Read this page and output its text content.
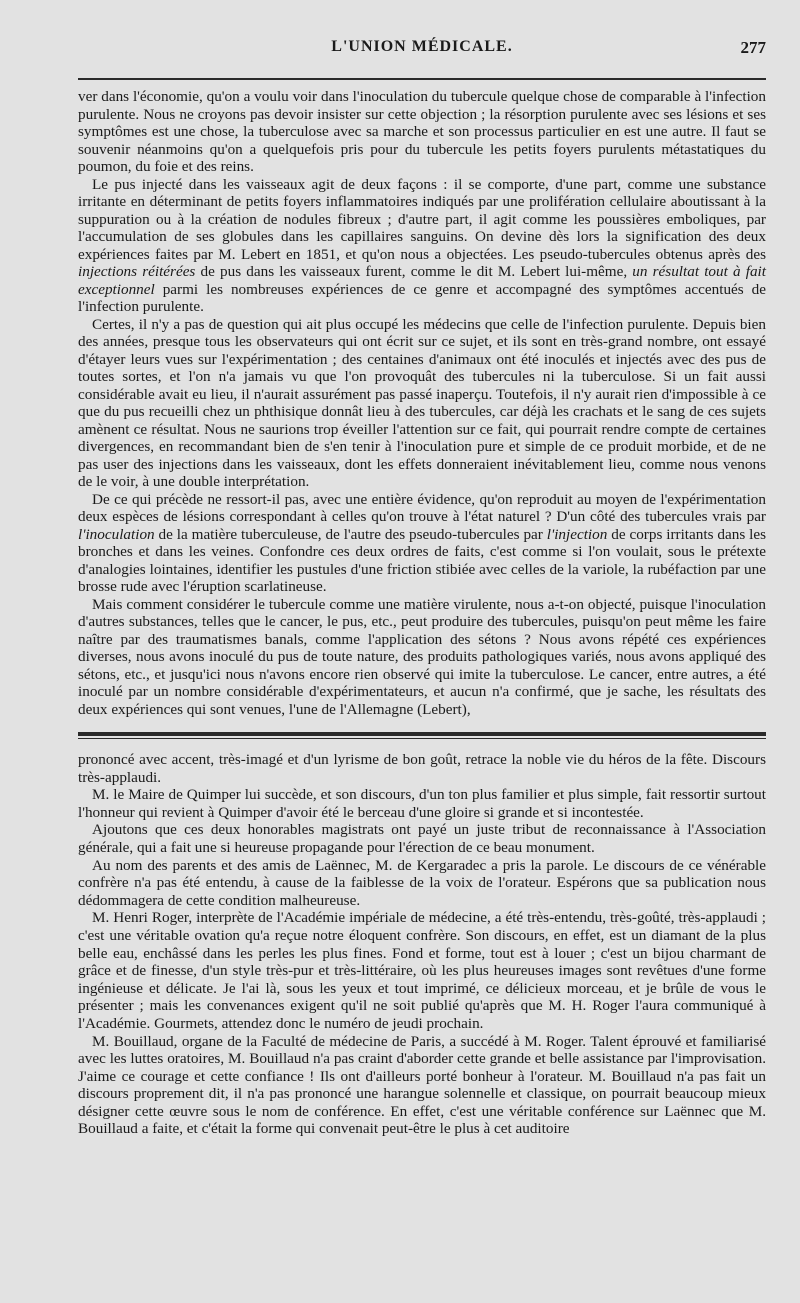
L'UNION MÉDICALE.	277

ver dans l'économie, qu'on a voulu voir dans l'inoculation du tubercule quelque chose de comparable à l'infection purulente. Nous ne croyons pas devoir insister sur cette objection ; la résorption purulente avec ses lésions et ses symptômes est une chose, la tuberculose avec sa marche et son processus particulier en est une autre. Il faut se souvenir néanmoins qu'on a quelquefois pris pour du tubercule les petits foyers purulents métastatiques du poumon, du foie et des reins.

Le pus injecté dans les vaisseaux agit de deux façons : il se comporte, d'une part, comme une substance irritante en déterminant de petits foyers inflammatoires indiqués par une prolifération cellulaire aboutissant à la suppuration ou à la création de nodules fibreux ; d'autre part, il agit comme les poussières emboliques, par l'accumulation de ses globules dans les capillaires sanguins. On devine dès lors la signification des deux expériences faites par M. Lebert en 1851, et qu'on nous a objectées. Les pseudo-tubercules obtenus après des injections réitérées de pus dans les vaisseaux furent, comme le dit M. Lebert lui-même, un résultat tout à fait exceptionnel parmi les nombreuses expériences de ce genre et accompagné des symptômes accentués de l'infection purulente.

Certes, il n'y a pas de question qui ait plus occupé les médecins que celle de l'infection purulente. Depuis bien des années, presque tous les observateurs qui ont écrit sur ce sujet, et ils sont en très-grand nombre, ont essayé d'étayer leurs vues sur l'expérimentation ; des centaines d'animaux ont été inoculés et injectés avec des pus de toutes sortes, et l'on n'a jamais vu que l'on provoquât des tubercules ni la tuberculose. Si un fait aussi considérable avait eu lieu, il n'aurait assurément pas passé inaperçu. Toutefois, il n'y aurait rien d'impossible à ce que du pus recueilli chez un phthisique donnât lieu à des tubercules, car déjà les crachats et le sang de ces sujets amènent ce résultat. Nous ne saurions trop éveiller l'attention sur ce fait, qui pourrait rendre compte de certaines divergences, en recommandant bien de s'en tenir à l'inoculation pure et simple de ce produit morbide, et de ne pas user des injections dans les vaisseaux, dont les effets donneraient inévitablement lieu, comme nous venons de le voir, à une double interprétation.

De ce qui précède ne ressort-il pas, avec une entière évidence, qu'on reproduit au moyen de l'expérimentation deux espèces de lésions correspondant à celles qu'on trouve à l'état naturel ? D'un côté des tubercules vrais par l'inoculation de la matière tuberculeuse, de l'autre des pseudo-tubercules par l'injection de corps irritants dans les bronches et dans les veines. Confondre ces deux ordres de faits, c'est comme si l'on voulait, sous le prétexte d'analogies lointaines, identifier les pustules d'une friction stibiée avec celles de la variole, la rubéfaction par une brosse rude avec l'éruption scarlatineuse.

Mais comment considérer le tubercule comme une matière virulente, nous a-t-on objecté, puisque l'inoculation d'autres substances, telles que le cancer, le pus, etc., peut produire des tubercules, puisqu'on peut même les faire naître par des traumatismes banals, comme l'application des sétons ? Nous avons répété ces expériences diverses, nous avons inoculé du pus de toute nature, des produits pathologiques variés, nous avons appliqué des sétons, etc., et jusqu'ici nous n'avons encore rien observé qui imite la tuberculose. Le cancer, entre autres, a été inoculé par un nombre considérable d'expérimentateurs, et aucun n'a confirmé, que je sache, les résultats des deux expériences qui sont venues, l'une de l'Allemagne (Lebert),

prononcé avec accent, très-imagé et d'un lyrisme de bon goût, retrace la noble vie du héros de la fête. Discours très-applaudi.

M. le Maire de Quimper lui succède, et son discours, d'un ton plus familier et plus simple, fait ressortir surtout l'honneur qui revient à Quimper d'avoir été le berceau d'une gloire si grande et si incontestée.

Ajoutons que ces deux honorables magistrats ont payé un juste tribut de reconnaissance à l'Association générale, qui a fait une si heureuse propagande pour l'érection de ce beau monument.

Au nom des parents et des amis de Laënnec, M. de Kergaradec a pris la parole. Le discours de ce vénérable confrère n'a pas été entendu, à cause de la faiblesse de la voix de l'orateur. Espérons que sa publication nous dédommagera de cette condition malheureuse.

M. Henri Roger, interprète de l'Académie impériale de médecine, a été très-entendu, très-goûté, très-applaudi ; c'est une véritable ovation qu'a reçue notre éloquent confrère. Son discours, en effet, est un diamant de la plus belle eau, enchâssé dans les perles les plus fines. Fond et forme, tout est à louer ; c'est un bijou charmant de grâce et de finesse, d'un style très-pur et très-littéraire, où les plus heureuses images sont revêtues d'une forme ingénieuse et délicate. Je l'ai là, sous les yeux et tout imprimé, ce délicieux morceau, et je brûle de vous le présenter ; mais les convenances exigent qu'il ne soit publié qu'après que M. H. Roger l'aura communiqué à l'Académie. Gourmets, attendez donc le numéro de jeudi prochain.

M. Bouillaud, organe de la Faculté de médecine de Paris, a succédé à M. Roger. Talent éprouvé et familiarisé avec les luttes oratoires, M. Bouillaud n'a pas craint d'aborder cette grande et belle assistance par l'improvisation. J'aime ce courage et cette confiance ! Ils ont d'ailleurs porté bonheur à l'orateur. M. Bouillaud n'a pas fait un discours proprement dit, il n'a pas prononcé une harangue solennelle et classique, on pourrait beaucoup mieux désigner cette œuvre sous le nom de conférence. En effet, c'est une véritable conférence sur Laënnec que M. Bouillaud a faite, et c'était la forme qui convenait peut-être le plus à cet auditoire
